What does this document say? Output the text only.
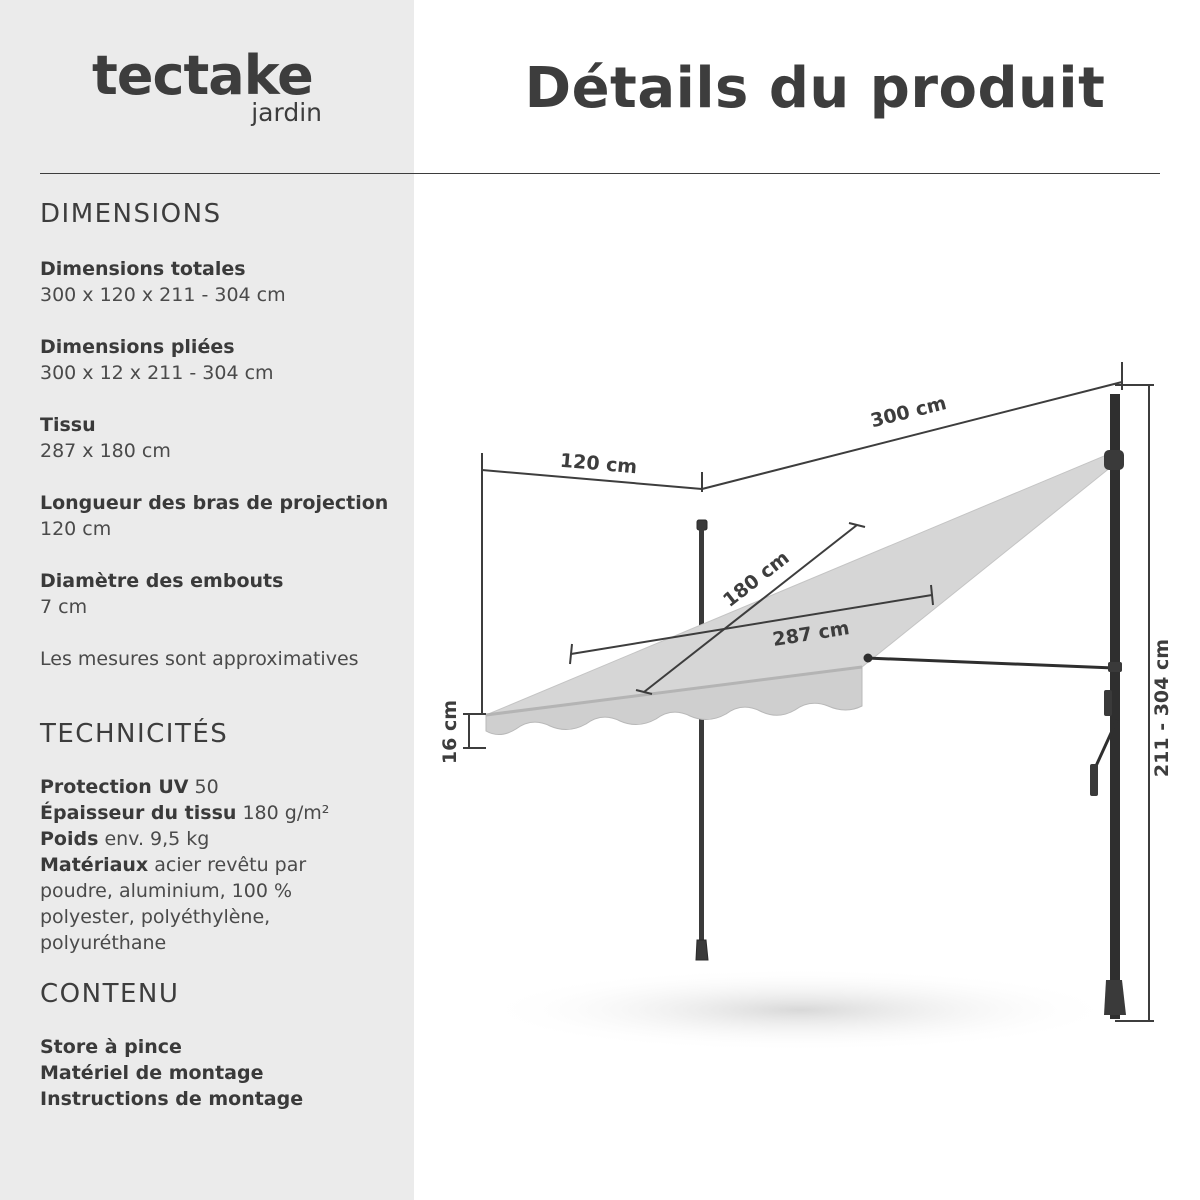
tectake
jardin	Détails du produit
DIMENSIONS
Dimensions totales
300 x 120 x 211 - 304 cm
Dimensions pliées
300 x 12 x 211 - 304 cm
Tissu
287 x 180 cm
Longueur des bras de projection
120 cm
Diamètre des embouts
7 cm
Les mesures sont approximatives
TECHNICITÉS
Protection UV 50
Épaisseur du tissu 180 g/m²
Poids env. 9,5 kg
Matériaux acier revêtu par poudre, aluminium, 100 % polyester, polyéthylène, polyuréthane
CONTENU
Store à pince
Matériel de montage
Instructions de montage
300 cm
120 cm
180 cm
287 cm
16 cm	211 - 304 cm
